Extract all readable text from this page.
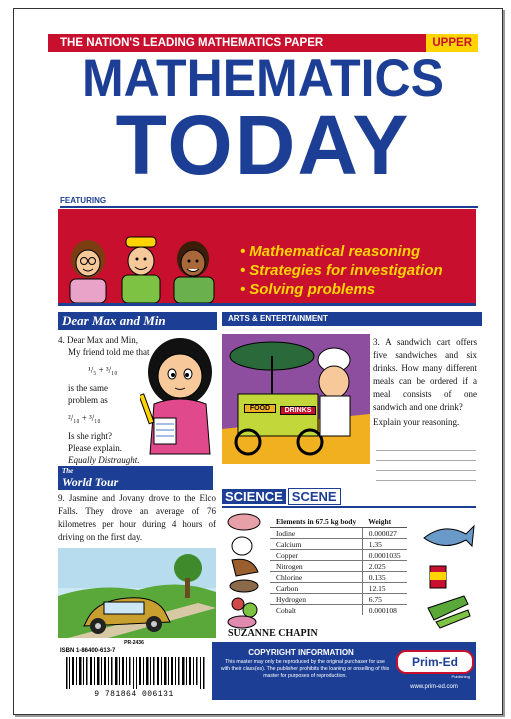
THE NATION'S LEADING MATHEMATICS PAPER	UPPER
MATHEMATICS
TODAY
FEATURING
• Mathematical reasoning
• Strategies for investigation
• Solving problems
Dear Max and Min
4. Dear Max and Min,
My friend told me that
¹/₅ + ³/₁₀
is the same
problem as
²/₁₀ + ³/₁₀
Is she right?
Please explain.
Equally Distraught.
ARTS & ENTERTAINMENT
FOOD	DRINKS
3. A sandwich cart offers five sandwiches and six drinks. How many different meals can be ordered if a meal consists of one sandwich and one drink?
Explain your reasoning.
The
World Tour
9. Jasmine and Jovany drove to the Elco Falls. They drove an average of 76 kilometres per hour during 4 hours of driving on the first day.
SCIENCE SCENE
Elements in 67.5 kg body	Weight
Iodine	0.000027
Calcium	1.35
Copper	0.0001035
Nitrogen	2.025
Chlorine	0.135
Carbon	12.15
Hydrogen	6.75
Cobalt	0.000108
SUZANNE CHAPIN
PR-2436
ISBN 1-86400-613-7
9 781864 006131
COPYRIGHT INFORMATION
This master may only be reproduced by the original purchaser for use with their class(es). The publisher prohibits the loaning or onselling of this master for purposes of reproduction.
Prim-Ed
Publishing
www.prim-ed.com
